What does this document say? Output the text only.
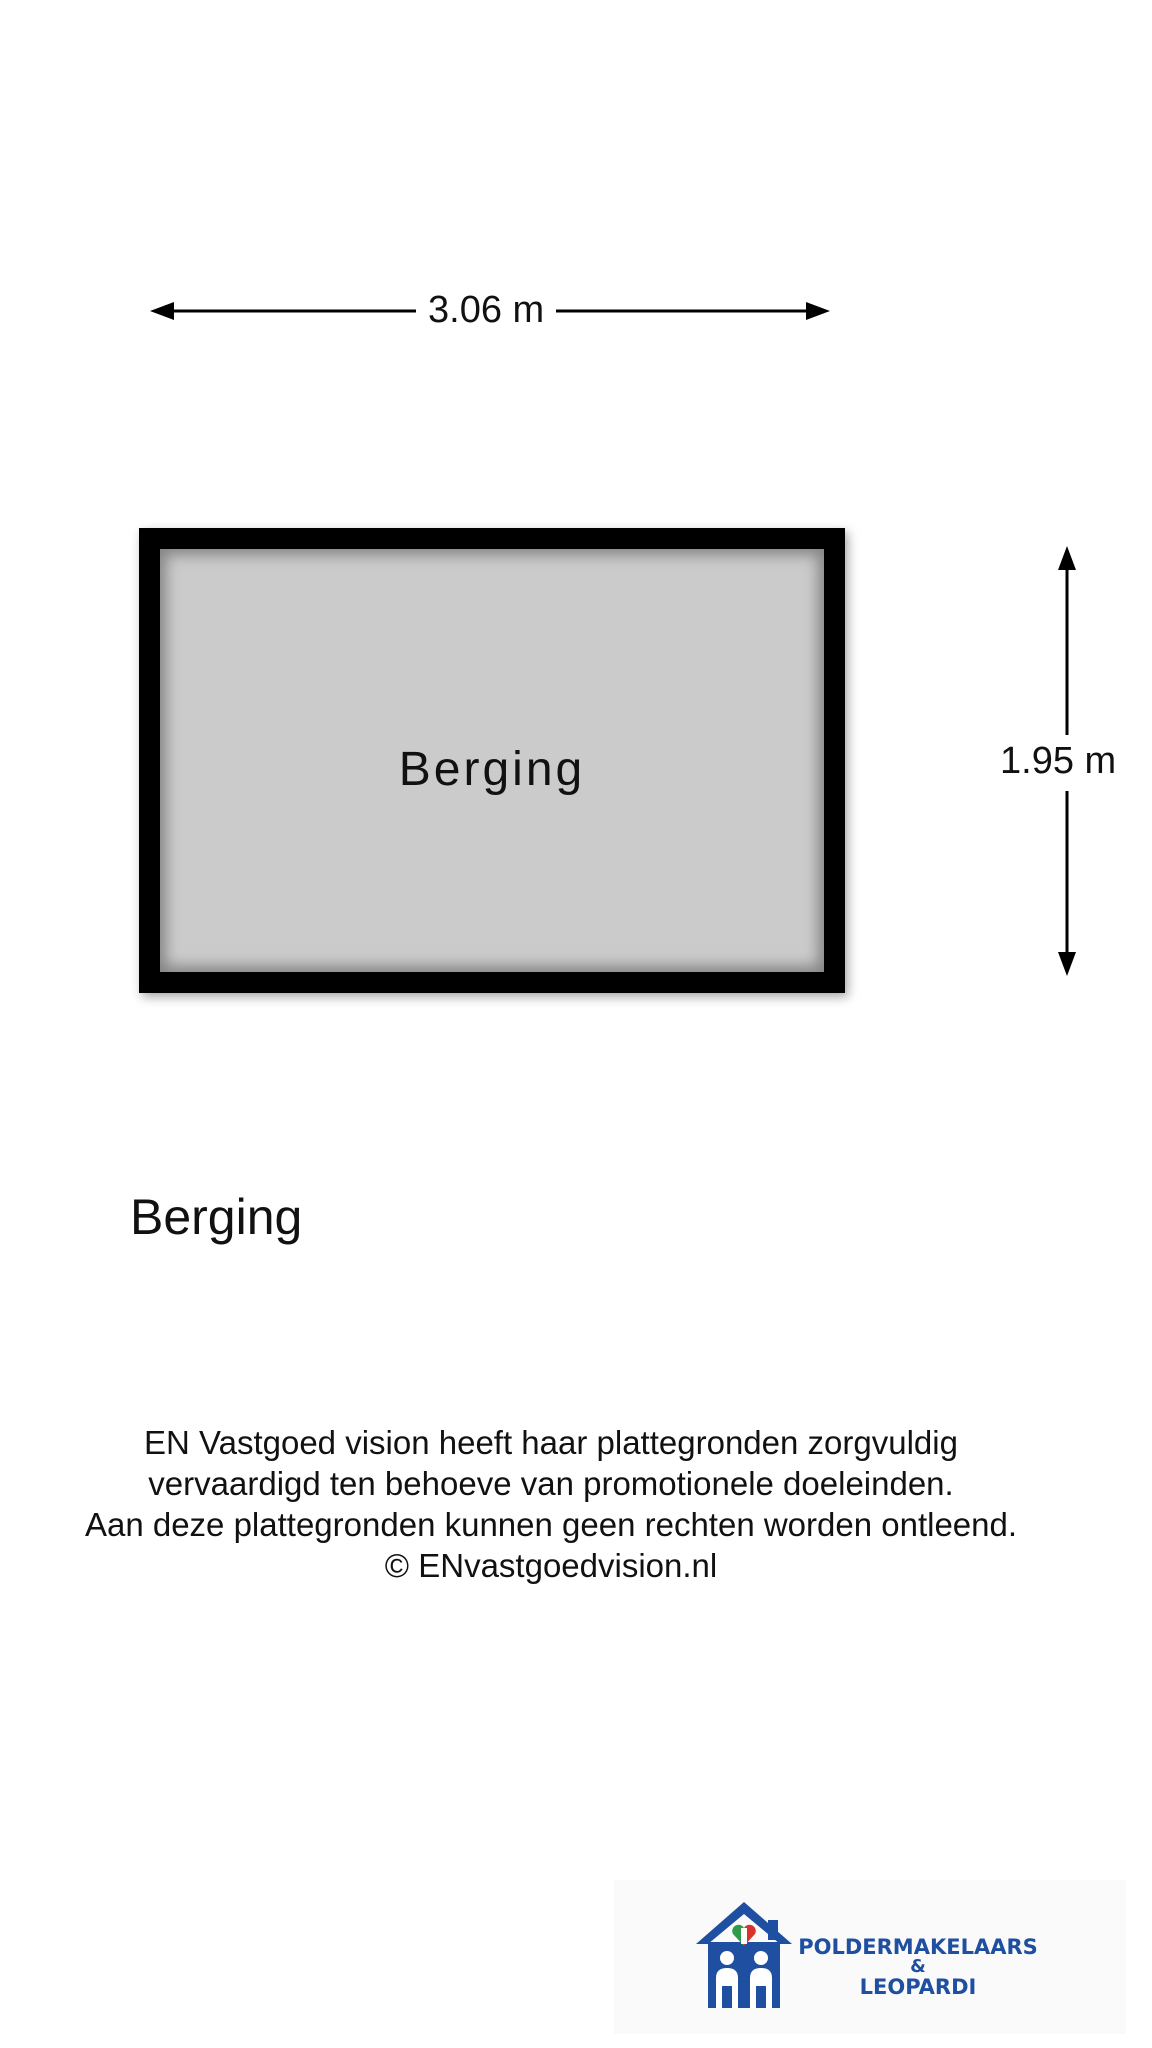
3.06 m
1.95 m
Berging
Berging
EN Vastgoed vision heeft haar plattegronden zorgvuldig
vervaardigd ten behoeve van promotionele doeleinden.
Aan deze plattegronden kunnen geen rechten worden ontleend.
© ENvastgoedvision.nl
POLDERMAKELAARS
&
LEOPARDI
